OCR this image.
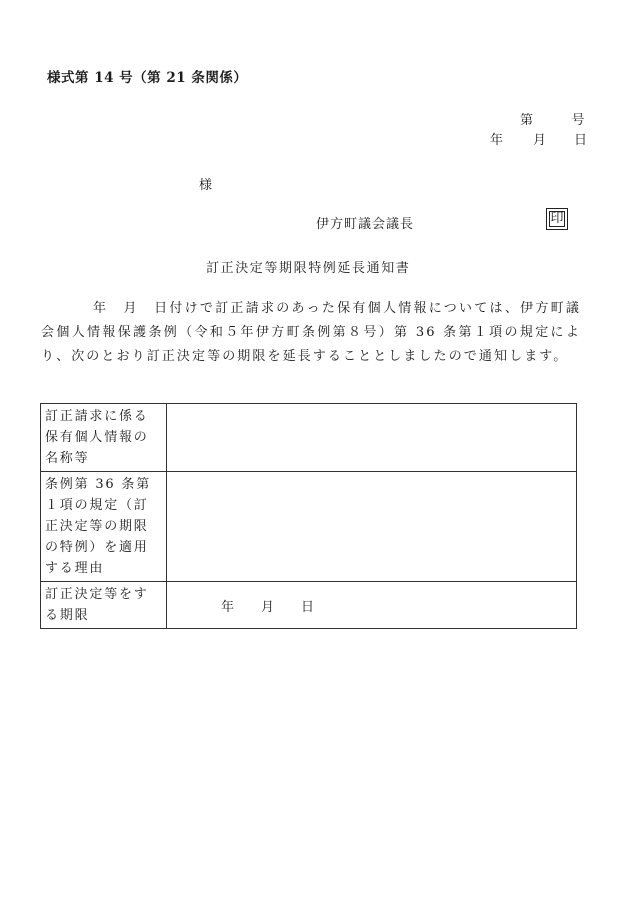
様式第 14 号（第 21 条関係）
第	号
年 月 日
様
伊方町議会議長	印
訂正決定等期限特例延長通知書
年　月　日付けで訂正請求のあった保有個人情報については、伊方町議会個人情報保護条例（令和５年伊方町条例第８号）第 36 条第１項の規定により、次のとおり訂正決定等の期限を延長することとしましたので通知します。
訂正請求に係る保有個人情報の名称等	
条例第 36 条第１項の規定（訂正決定等の期限の特例）を適用する理由	
訂正決定等をする期限	年 月 日
